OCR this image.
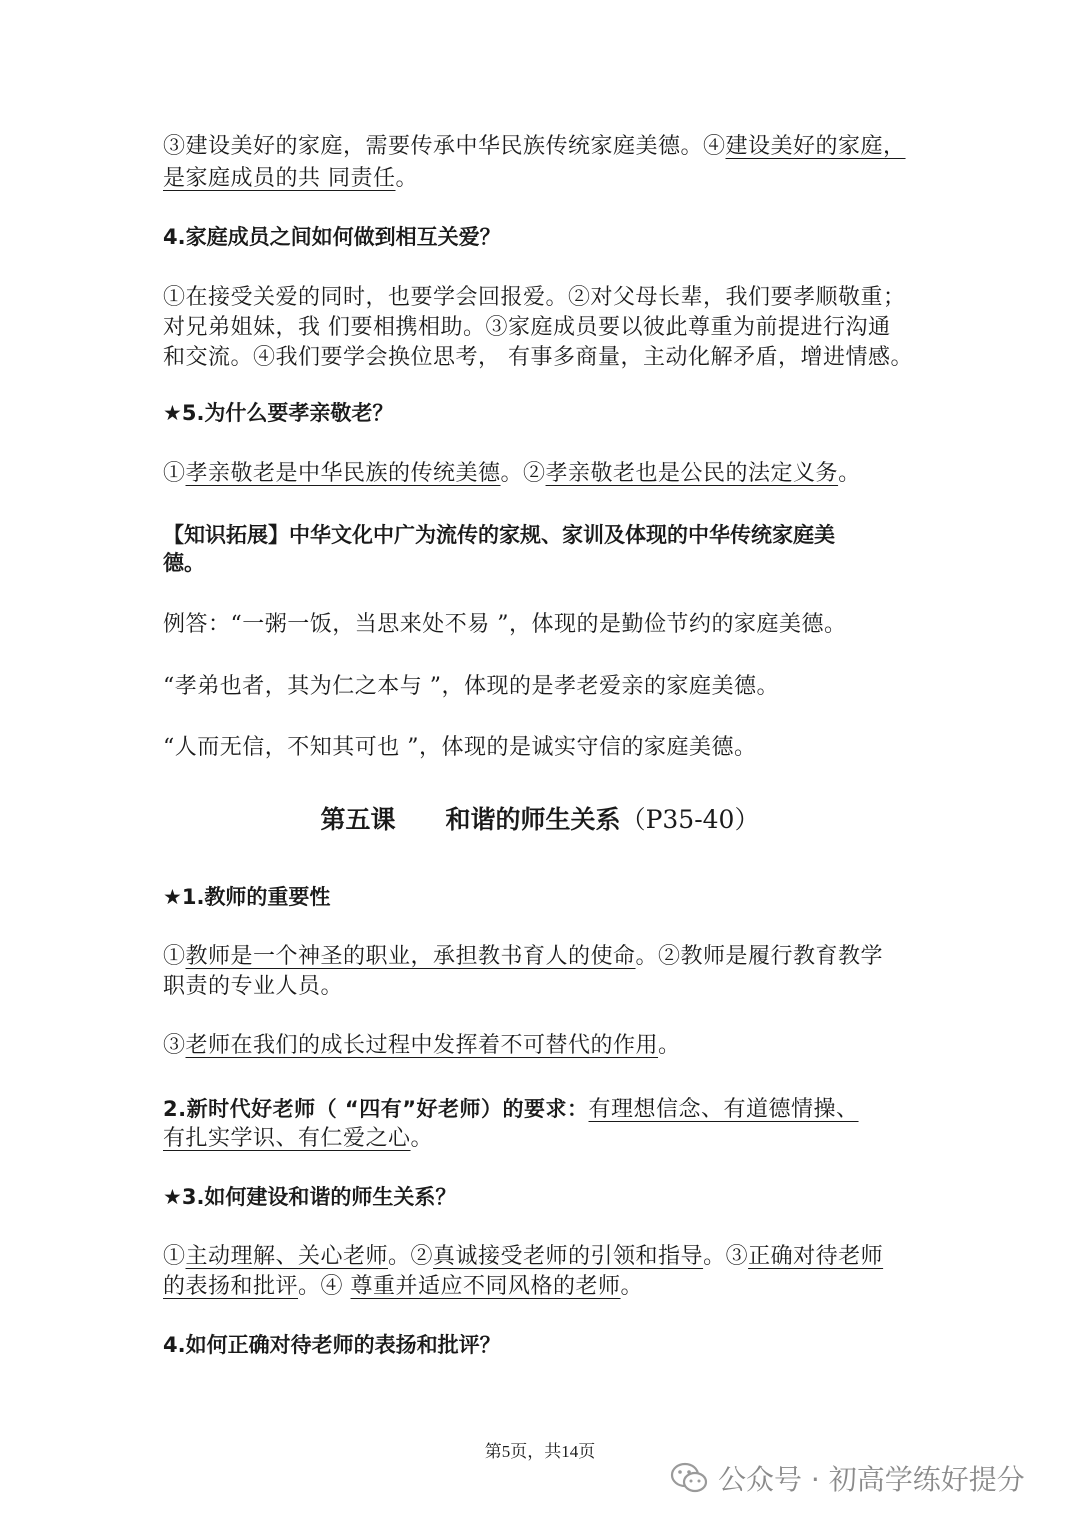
③建设美好的家庭，需要传承中华民族传统家庭美德。④建设美好的家庭，
是家庭成员的共 同责任。
4.家庭成员之间如何做到相互关爱？
①在接受关爱的同时，也要学会回报爱。②对父母长辈，我们要孝顺敬重；
对兄弟姐妹，我 们要相携相助。③家庭成员要以彼此尊重为前提进行沟通
和交流。④我们要学会换位思考， 有事多商量，主动化解矛盾，增进情感。
★5.为什么要孝亲敬老？
①孝亲敬老是中华民族的传统美德。②孝亲敬老也是公民的法定义务。
【知识拓展】中华文化中广为流传的家规、家训及体现的中华传统家庭美
德。
例答：“一粥一饭，当思来处不易 ”，体现的是勤俭节约的家庭美德。
“孝弟也者，其为仁之本与 ”，体现的是孝老爱亲的家庭美德。
“人而无信，不知其可也 ”，体现的是诚实守信的家庭美德。
第五课 和谐的师生关系（P35-40）
★1.教师的重要性
①教师是一个神圣的职业，承担教书育人的使命。②教师是履行教育教学
职责的专业人员。
③老师在我们的成长过程中发挥着不可替代的作用。
2.新时代好老师（ “四有”好老师）的要求：有理想信念、有道德情操、
有扎实学识、有仁爱之心。
★3.如何建设和谐的师生关系？
①主动理解、关心老师。②真诚接受老师的引领和指导。③正确对待老师
的表扬和批评。④ 尊重并适应不同风格的老师。
4.如何正确对待老师的表扬和批评？
第5页，共14页
公众号 · 初高学练好提分
